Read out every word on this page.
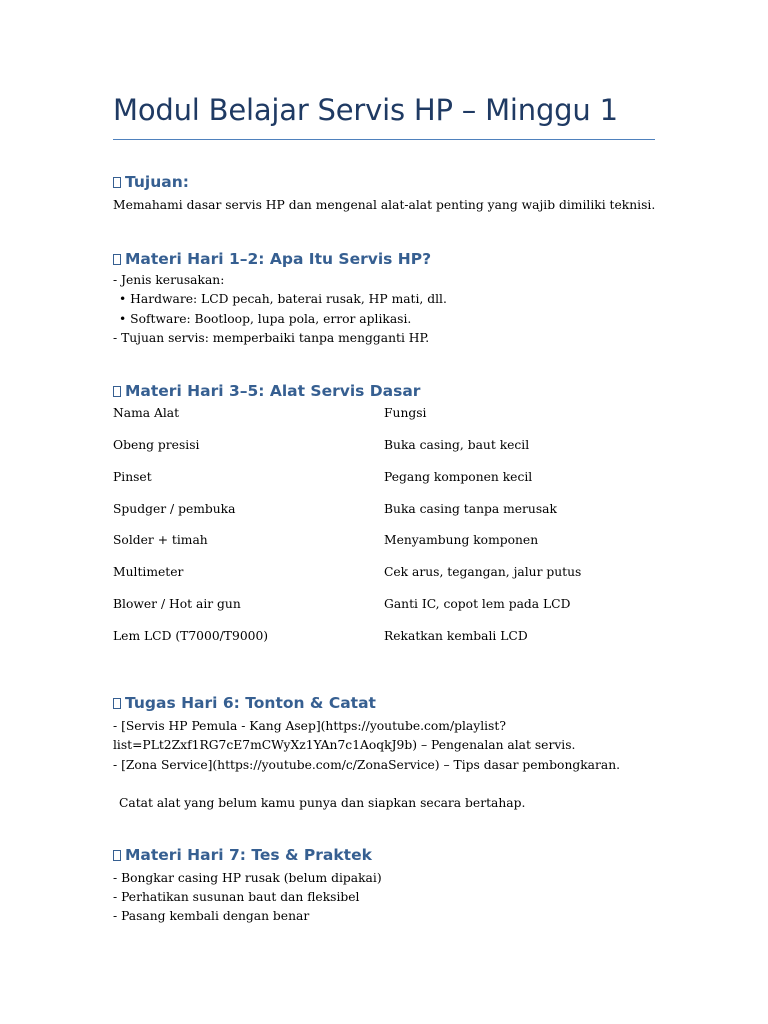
Modul Belajar Servis HP – Minggu 1
Tujuan:
Memahami dasar servis HP dan mengenal alat-alat penting yang wajib dimiliki teknisi.
Materi Hari 1–2: Apa Itu Servis HP?
- Jenis kerusakan:
• Hardware: LCD pecah, baterai rusak, HP mati, dll.
• Software: Bootloop, lupa pola, error aplikasi.
- Tujuan servis: memperbaiki tanpa mengganti HP.
Materi Hari 3–5: Alat Servis Dasar
Nama Alat	Fungsi
Obeng presisi	Buka casing, baut kecil
Pinset	Pegang komponen kecil
Spudger / pembuka	Buka casing tanpa merusak
Solder + timah	Menyambung komponen
Multimeter	Cek arus, tegangan, jalur putus
Blower / Hot air gun	Ganti IC, copot lem pada LCD
Lem LCD (T7000/T9000)	Rekatkan kembali LCD
Tugas Hari 6: Tonton & Catat
- [Servis HP Pemula - Kang Asep](https://youtube.com/playlist?
list=PLt2Zxf1RG7cE7mCWyXz1YAn7c1AoqkJ9b) – Pengenalan alat servis.
- [Zona Service](https://youtube.com/c/ZonaService) – Tips dasar pembongkaran.
Catat alat yang belum kamu punya dan siapkan secara bertahap.
Materi Hari 7: Tes & Praktek
- Bongkar casing HP rusak (belum dipakai)
- Perhatikan susunan baut dan fleksibel
- Pasang kembali dengan benar
